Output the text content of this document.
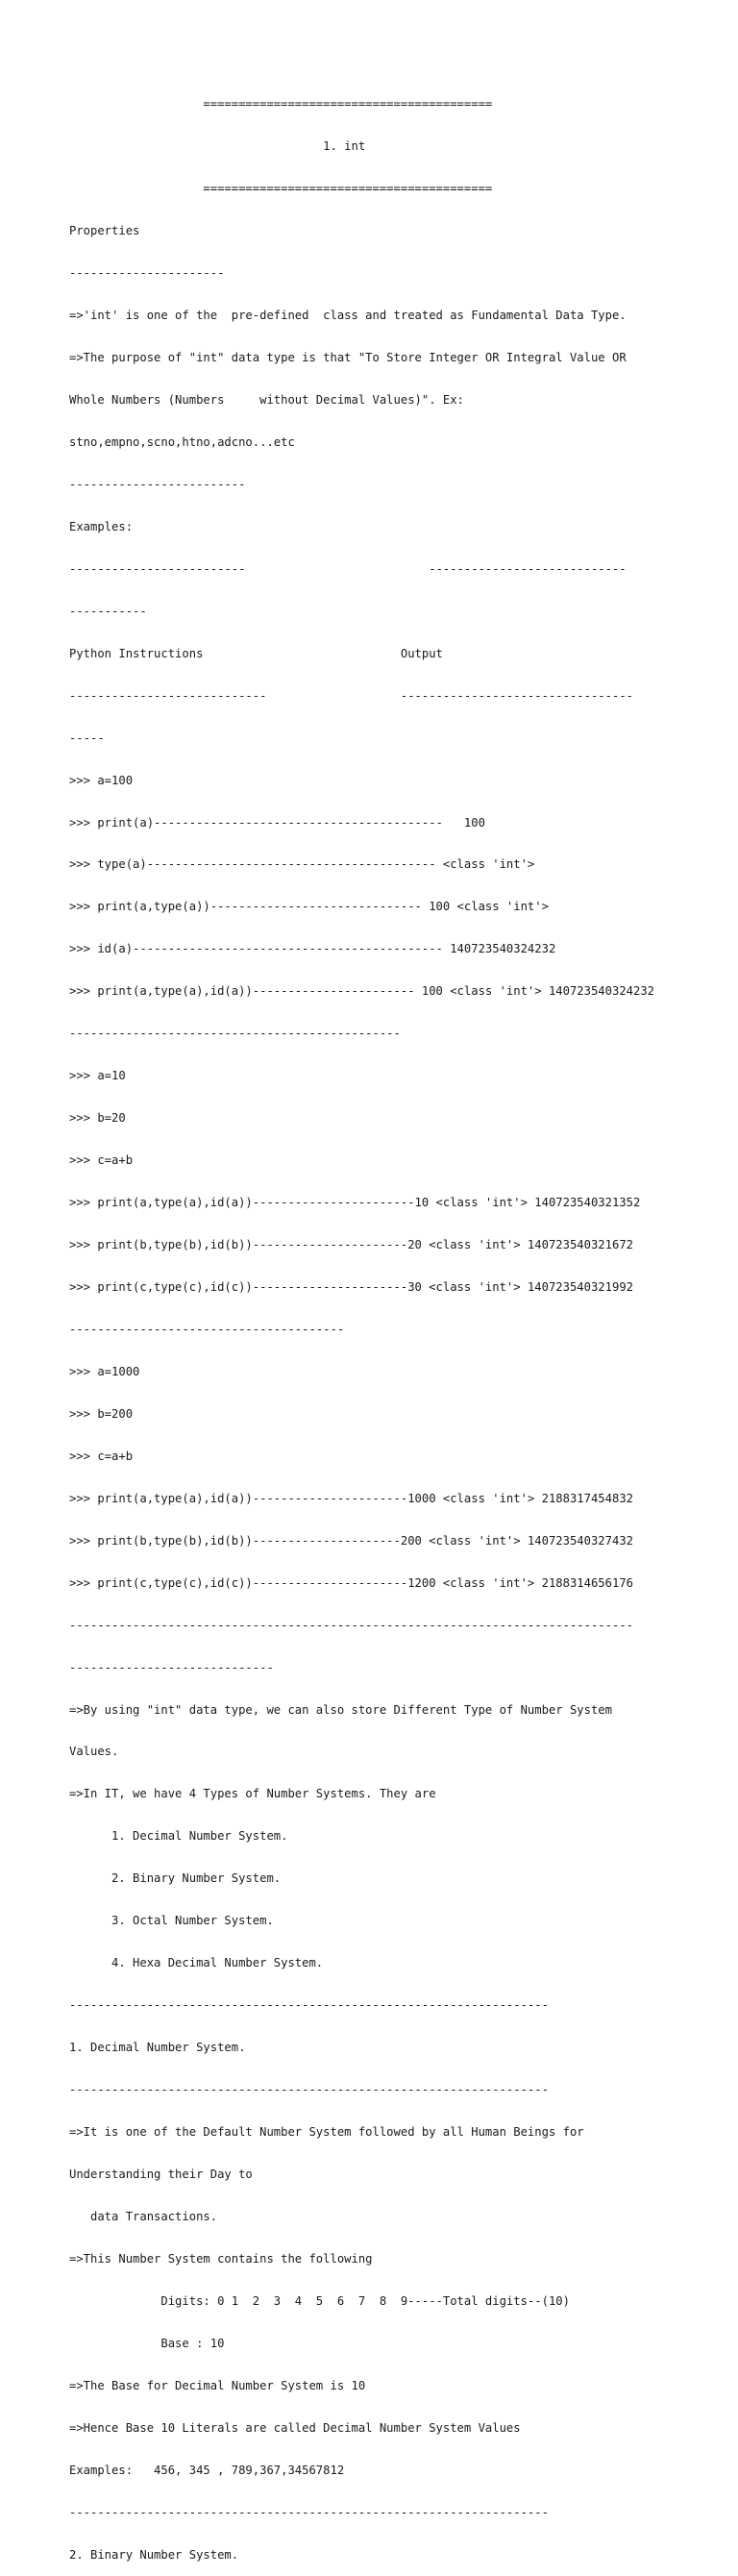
=========================================

1. int

=========================================

Properties

----------------------

=>'int' is one of the  pre-defined  class and treated as Fundamental Data Type.

=>The purpose of "int" data type is that "To Store Integer OR Integral Value OR

Whole Numbers (Numbers     without Decimal Values)". Ex:

stno,empno,scno,htno,adcno...etc

-------------------------

Examples:

-------------------------                          ----------------------------

-----------

Python Instructions                            Output

----------------------------                   ---------------------------------

-----

>>> a=100

>>> print(a)-----------------------------------------   100

>>> type(a)----------------------------------------- <class 'int'>

>>> print(a,type(a))------------------------------ 100 <class 'int'>

>>> id(a)-------------------------------------------- 140723540324232

>>> print(a,type(a),id(a))----------------------- 100 <class 'int'> 140723540324232

-----------------------------------------------

>>> a=10

>>> b=20

>>> c=a+b

>>> print(a,type(a),id(a))-----------------------10 <class 'int'> 140723540321352

>>> print(b,type(b),id(b))----------------------20 <class 'int'> 140723540321672

>>> print(c,type(c),id(c))----------------------30 <class 'int'> 140723540321992

---------------------------------------

>>> a=1000

>>> b=200

>>> c=a+b

>>> print(a,type(a),id(a))----------------------1000 <class 'int'> 2188317454832

>>> print(b,type(b),id(b))---------------------200 <class 'int'> 140723540327432

>>> print(c,type(c),id(c))----------------------1200 <class 'int'> 2188314656176

--------------------------------------------------------------------------------

-----------------------------

=>By using "int" data type, we can also store Different Type of Number System

Values.

=>In IT, we have 4 Types of Number Systems. They are

1. Decimal Number System.

2. Binary Number System.

3. Octal Number System.

4. Hexa Decimal Number System.

--------------------------------------------------------------------

1. Decimal Number System.

--------------------------------------------------------------------

=>It is one of the Default Number System followed by all Human Beings for

Understanding their Day to

data Transactions.

=>This Number System contains the following

Digits: 0 1  2  3  4  5  6  7  8  9-----Total digits--(10)

Base : 10

=>The Base for Decimal Number System is 10

=>Hence Base 10 Literals are called Decimal Number System Values

Examples:   456, 345 , 789,367,34567812

--------------------------------------------------------------------

2. Binary Number System.
